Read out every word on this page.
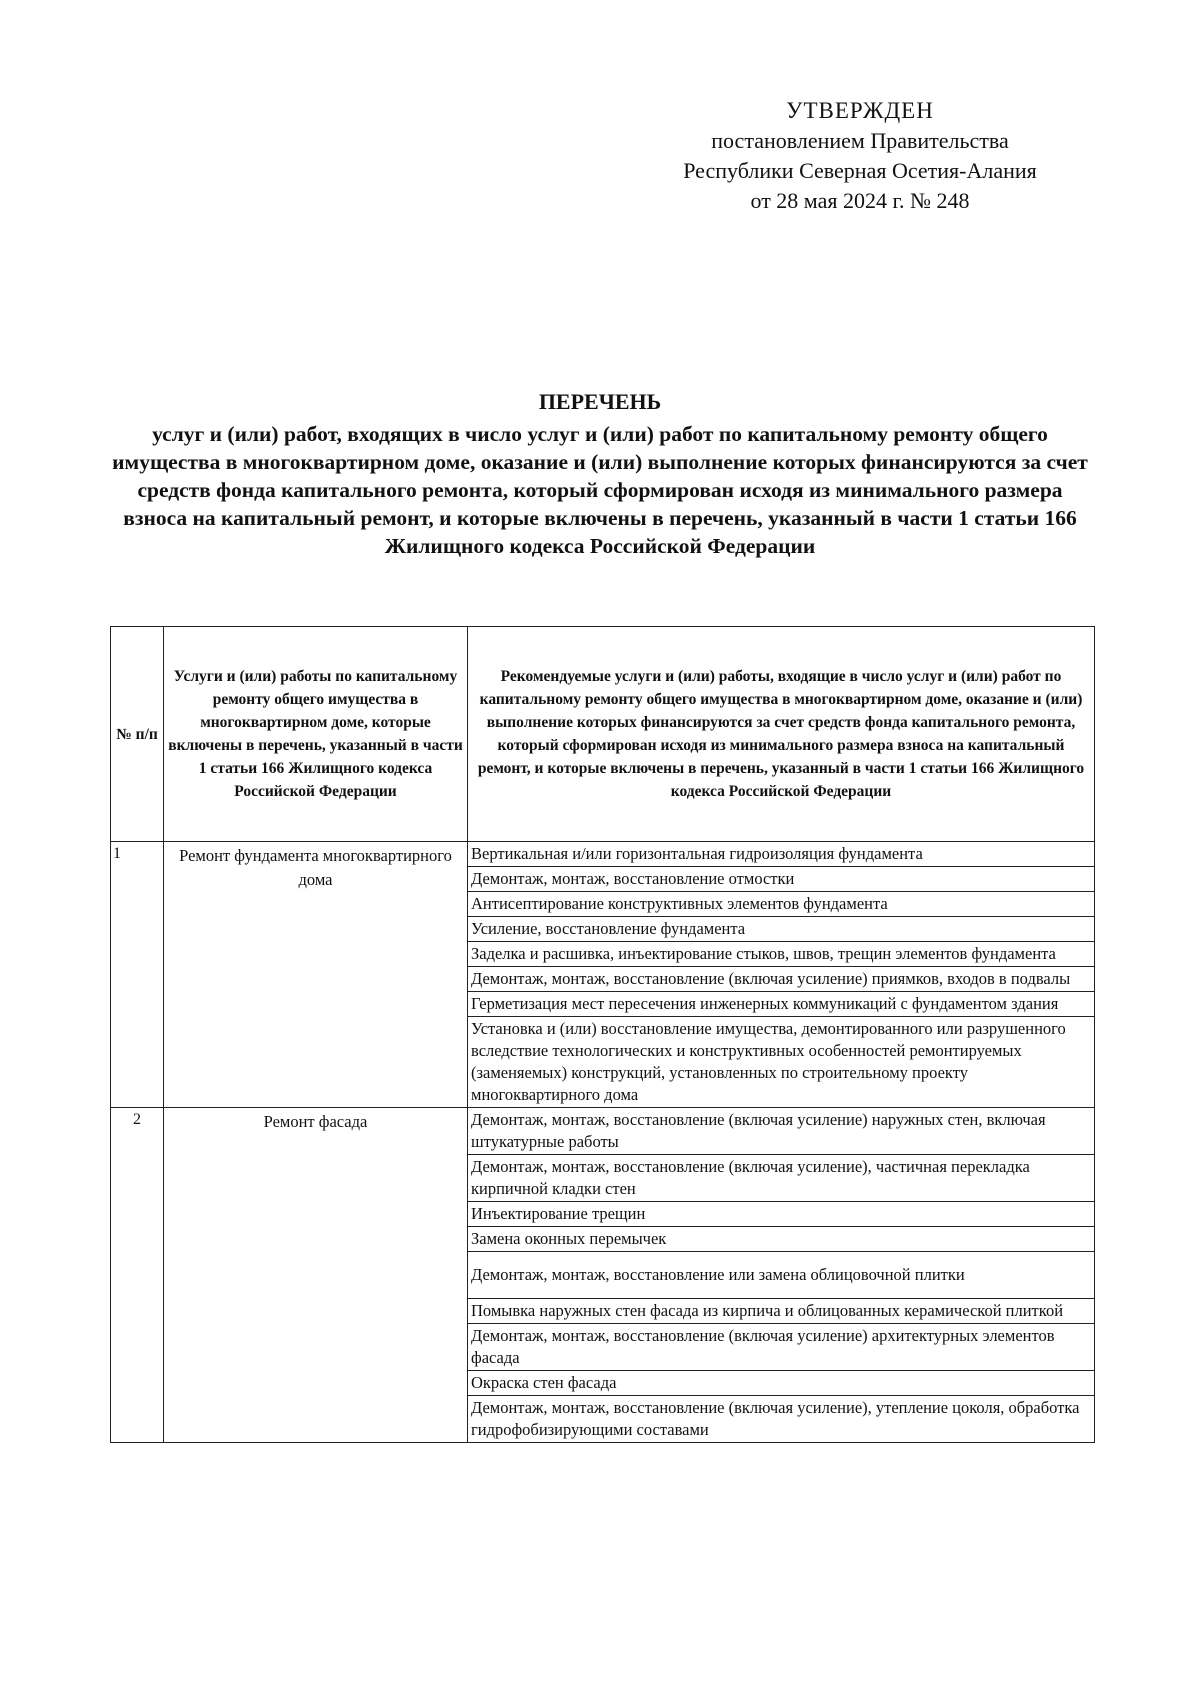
УТВЕРЖДЕН
постановлением Правительства
Республики Северная Осетия-Алания
от 28 мая 2024 г. № 248
ПЕРЕЧЕНЬ
услуг и (или) работ, входящих в число услуг и (или) работ по капитальному ремонту общего имущества в многоквартирном доме, оказание и (или) выполнение которых финансируются за счет средств фонда капитального ремонта, который сформирован исходя из минимального размера взноса на капитальный ремонт, и которые включены в перечень, указанный в части 1 статьи 166 Жилищного кодекса Российской Федерации
№ п/п	Услуги и (или) работы по капитальному ремонту общего имущества в многоквартирном доме, которые включены в перечень, указанный в части 1 статьи 166 Жилищного кодекса Российской Федерации	Рекомендуемые услуги и (или) работы, входящие в число услуг и (или) работ по капитальному ремонту общего имущества в многоквартирном доме, оказание и (или) выполнение которых финансируются за счет средств фонда капитального ремонта, который сформирован исходя из минимального размера взноса на капитальный ремонт, и которые включены в перечень, указанный в части 1 статьи 166 Жилищного кодекса Российской Федерации
1	Ремонт фундамента многоквартирного дома	Вертикальная и/или горизонтальная гидроизоляция фундамента
		Демонтаж, монтаж, восстановление отмостки
		Антисептирование конструктивных элементов фундамента
		Усиление, восстановление фундамента
		Заделка и расшивка, инъектирование стыков, швов, трещин элементов фундамента
		Демонтаж, монтаж, восстановление (включая усиление) приямков, входов в подвалы
		Герметизация мест пересечения инженерных коммуникаций с фундаментом здания
		Установка и (или) восстановление имущества, демонтированного или разрушенного вследствие технологических и конструктивных особенностей ремонтируемых (заменяемых) конструкций, установленных по строительному проекту многоквартирного дома
2	Ремонт фасада	Демонтаж, монтаж, восстановление (включая усиление) наружных стен, включая штукатурные работы
		Демонтаж, монтаж, восстановление (включая усиление), частичная перекладка кирпичной кладки стен
		Инъектирование трещин
		Замена оконных перемычек
		Демонтаж, монтаж, восстановление или замена облицовочной плитки
		Помывка наружных стен фасада из кирпича и облицованных керамической плиткой
		Демонтаж, монтаж, восстановление (включая усиление) архитектурных элементов фасада
		Окраска стен фасада
		Демонтаж, монтаж, восстановление (включая усиление), утепление цоколя, обработка гидрофобизирующими составами
